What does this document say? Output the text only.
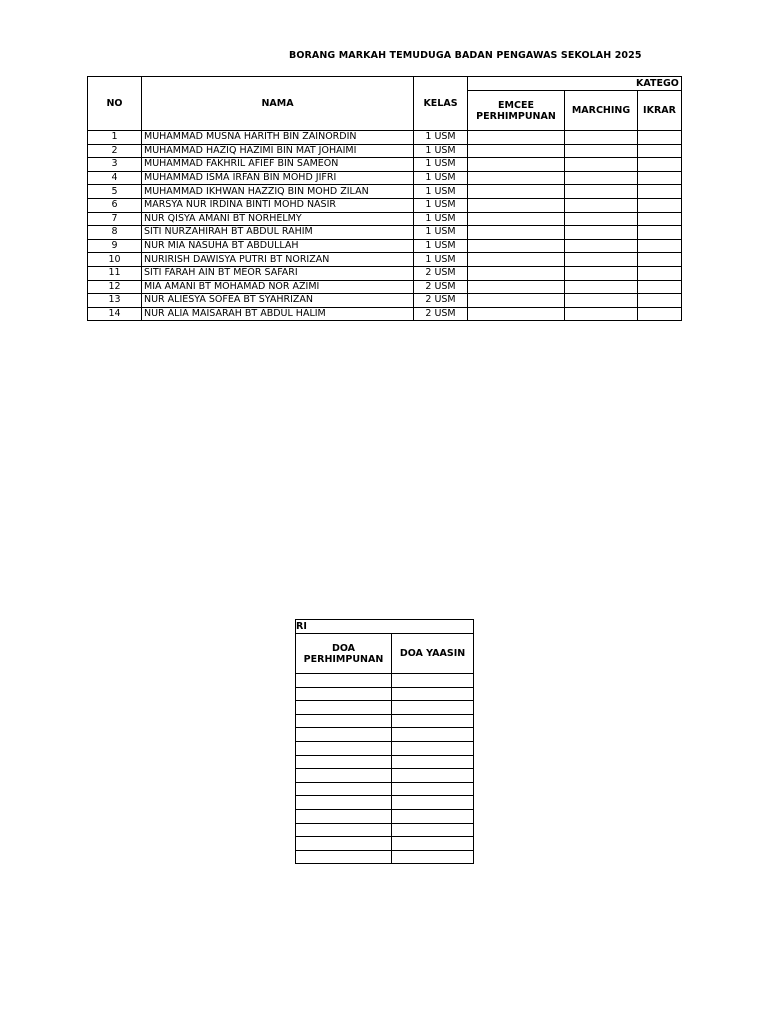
BORANG MARKAH TEMUDUGA BADAN PENGAWAS SEKOLAH 2025
NO	NAMA	KELAS	KATEGO		
			EMCEE PERHIMPUNAN	MARCHING	IKRAR
1	MUHAMMAD MUSNA HARITH BIN ZAINORDIN	1 USM			
2	MUHAMMAD HAZIQ HAZIMI BIN MAT JOHAIMI	1 USM			
3	MUHAMMAD FAKHRIL AFIEF BIN SAMEON	1 USM			
4	MUHAMMAD ISMA IRFAN BIN MOHD JIFRI	1 USM			
5	MUHAMMAD IKHWAN HAZZIQ BIN MOHD ZILAN	1 USM			
6	MARSYA NUR IRDINA BINTI MOHD NASIR	1 USM			
7	NUR QISYA AMANI BT NORHELMY	1 USM			
8	SITI NURZAHIRAH BT ABDUL RAHIM	1 USM			
9	NUR MIA NASUHA BT ABDULLAH	1 USM			
10	NURIRISH DAWISYA PUTRI BT NORIZAN	1 USM			
11	SITI FARAH AIN BT MEOR SAFARI	2 USM			
12	MIA AMANI BT MOHAMAD NOR AZIMI	2 USM			
13	NUR ALIESYA SOFEA BT SYAHRIZAN	2 USM			
14	NUR ALIA MAISARAH BT ABDUL HALIM	2 USM			
RI	
DOA PERHIMPUNAN	DOA YAASIN
